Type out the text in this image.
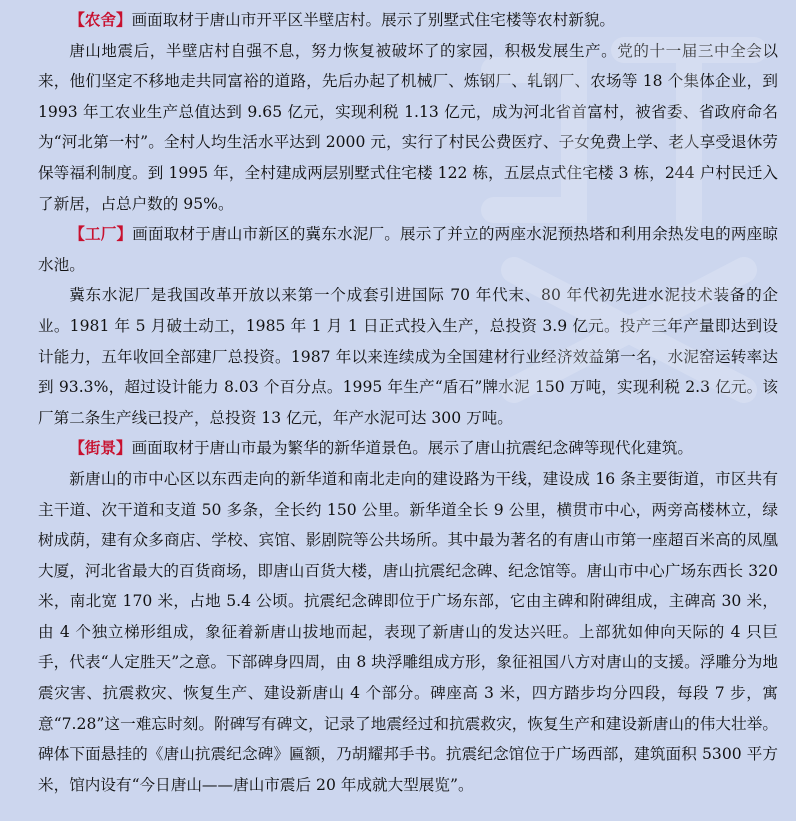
【农舍】画面取材于唐山市开平区半壁店村。展示了别墅式住宅楼等农村新貌。

唐山地震后，半壁店村自强不息，努力恢复被破坏了的家园，积极发展生产。党的十一届三中全会以来，他们坚定不移地走共同富裕的道路，先后办起了机械厂、炼钢厂、轧钢厂、农场等 18 个集体企业，到 1993 年工农业生产总值达到 9.65 亿元，实现利税 1.13 亿元，成为河北省首富村，被省委、省政府命名为“河北第一村”。全村人均生活水平达到 2000 元，实行了村民公费医疗、子女免费上学、老人享受退休劳保等福利制度。到 1995 年，全村建成两层别墅式住宅楼 122 栋，五层点式住宅楼 3 栋，244 户村民迁入了新居，占总户数的 95%。

【工厂】画面取材于唐山市新区的冀东水泥厂。展示了并立的两座水泥预热塔和利用余热发电的两座晾水池。

冀东水泥厂是我国改革开放以来第一个成套引进国际 70 年代末、80 年代初先进水泥技术装备的企业。1981 年 5 月破土动工，1985 年 1 月 1 日正式投入生产，总投资 3.9 亿元。投产三年产量即达到设计能力，五年收回全部建厂总投资。1987 年以来连续成为全国建材行业经济效益第一名，水泥窑运转率达到 93.3%，超过设计能力 8.03 个百分点。1995 年生产“盾石”牌水泥 150 万吨，实现利税 2.3 亿元。该厂第二条生产线已投产，总投资 13 亿元，年产水泥可达 300 万吨。

【街景】画面取材于唐山市最为繁华的新华道景色。展示了唐山抗震纪念碑等现代化建筑。

新唐山的市中心区以东西走向的新华道和南北走向的建设路为干线，建设成 16 条主要街道，市区共有主干道、次干道和支道 50 多条，全长约 150 公里。新华道全长 9 公里，横贯市中心，两旁高楼林立，绿树成荫，建有众多商店、学校、宾馆、影剧院等公共场所。其中最为著名的有唐山市第一座超百米高的凤凰大厦，河北省最大的百货商场，即唐山百货大楼，唐山抗震纪念碑、纪念馆等。唐山市中心广场东西长 320 米，南北宽 170 米，占地 5.4 公顷。抗震纪念碑即位于广场东部，它由主碑和附碑组成，主碑高 30 米，由 4 个独立梯形组成，象征着新唐山拔地而起，表现了新唐山的发达兴旺。上部犹如伸向天际的 4 只巨手，代表“人定胜天”之意。下部碑身四周，由 8 块浮雕组成方形，象征祖国八方对唐山的支援。浮雕分为地震灾害、抗震救灾、恢复生产、建设新唐山 4 个部分。碑座高 3 米，四方踏步均分四段，每段 7 步，寓意“7.28”这一难忘时刻。附碑写有碑文，记录了地震经过和抗震救灾，恢复生产和建设新唐山的伟大壮举。碑体下面悬挂的《唐山抗震纪念碑》匾额，乃胡耀邦手书。抗震纪念馆位于广场西部，建筑面积 5300 平方米，馆内设有“今日唐山——唐山市震后 20 年成就大型展览”。
